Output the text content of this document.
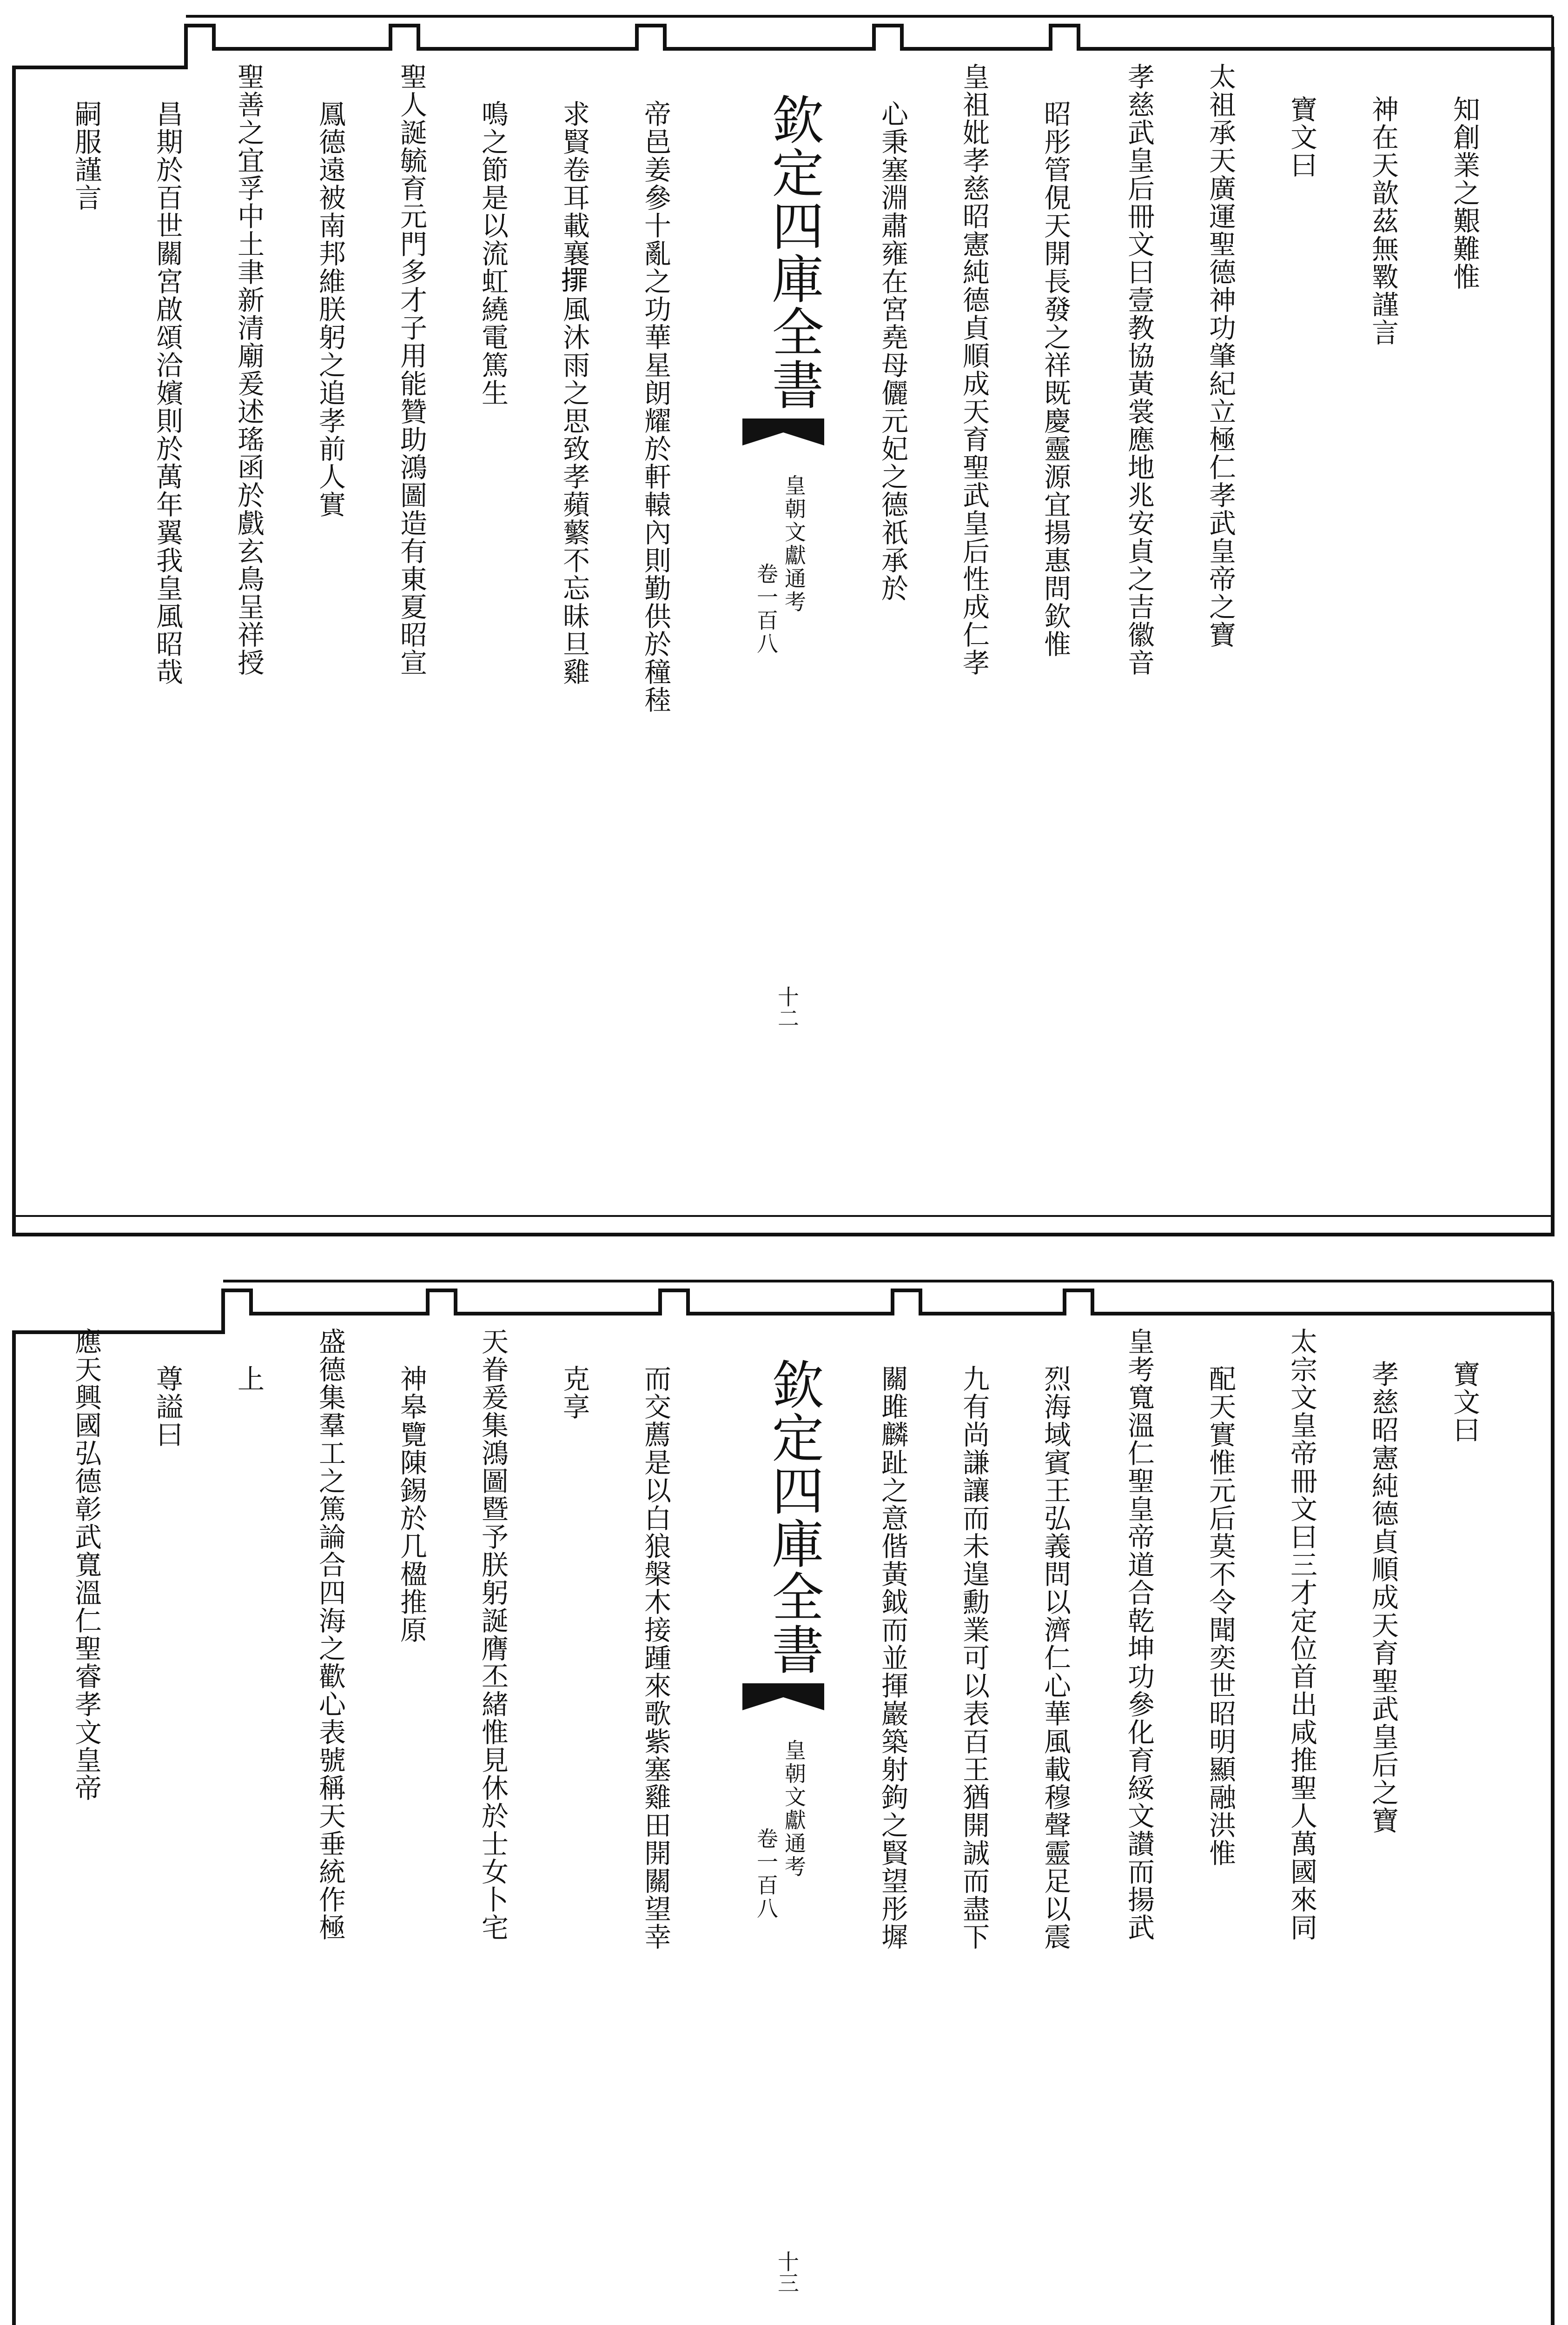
知創業之艱難惟
神在天歆茲無斁謹言
寶文曰
太祖承天廣運聖德神功肇紀立極仁孝武皇帝之寶
孝慈武皇后冊文曰壹教協黃裳應地兆安貞之吉徽音
昭彤管俔天開長發之祥既慶靈源宜揚惠問欽惟
皇祖妣孝慈昭憲純德貞順成天育聖武皇后性成仁孝
心秉塞淵肅雍在宮堯母儷元妃之德祇承於
帝邑姜參十亂之功華星朗耀於軒轅內則勤供於穜稑
求賢卷耳載襄𢶀風沐雨之思致孝蘋蘩不忘昧旦雞
鳴之節是以流虹繞電篤生
聖人誕毓育元門多才子用能贊助鴻圖造有東夏昭宣
鳳德遠被南邦維朕躬之追孝前人實
聖善之宜孚中土聿新清廟爰述瑤函於戲玄鳥呈祥授
昌期於百世關宮啟頌洽嬪則於萬年翼我皇風昭哉
嗣服謹言	欽定四庫全書
皇朝文獻通考
卷一百八
十二
寶文曰
孝慈昭憲純德貞順成天育聖武皇后之寶
太宗文皇帝冊文曰三才定位首出咸推聖人萬國來同
配天實惟元后莫不令聞奕世昭明顯融洪惟
皇考寬溫仁聖皇帝道合乾坤功參化育綏文讃而揚武
烈海域賓王弘義問以濟仁心華風載穆聲靈足以震
九有尚謙讓而未遑勳業可以表百王猶開誠而盡下
關雎麟趾之意偕黃鉞而並揮巖築射鉤之賢望彤墀
而交薦是以白狼槃木接踵來歌紫塞雞田開關望幸
克享
天眷爰集鴻圖暨予朕躬誕膺丕緒惟見休於士女卜宅
神皋覽陳錫於几楹推原
盛德集羣工之篤論合四海之歡心表號稱天垂統作極
上
尊謚曰
應天興國弘德彰武寬溫仁聖睿孝文皇帝	欽定四庫全書
皇朝文獻通考
卷一百八
十三
